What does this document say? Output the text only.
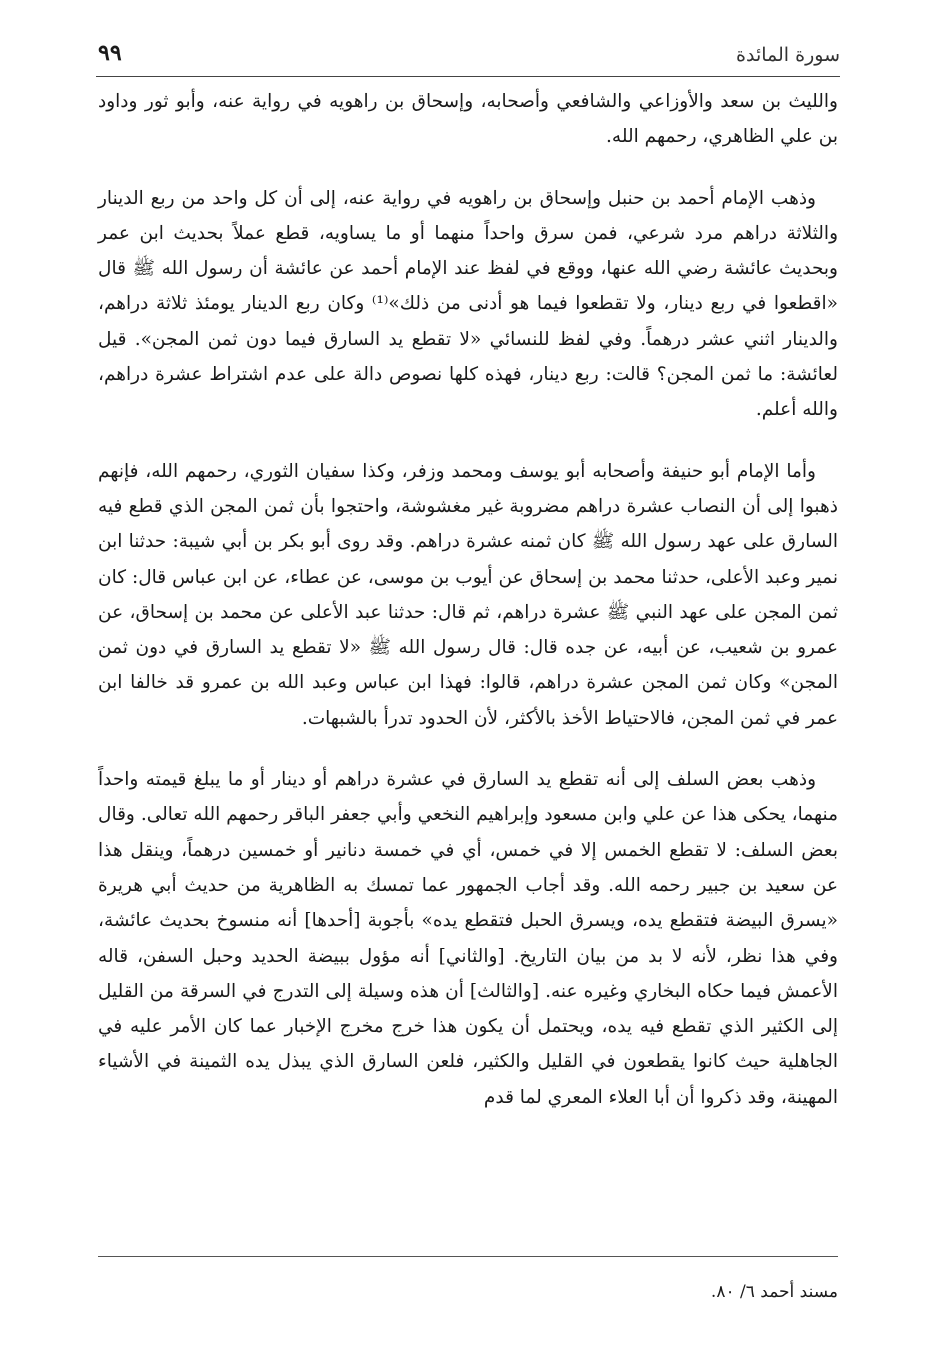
سورة المائدة
٩٩

والليث بن سعد والأوزاعي والشافعي وأصحابه، وإسحاق بن راهويه في رواية عنه، وأبو ثور وداود بن علي الظاهري، رحمهم الله.

وذهب الإمام أحمد بن حنبل وإسحاق بن راهويه في رواية عنه، إلى أن كل واحد من ربع الدينار والثلاثة دراهم مرد شرعي، فمن سرق واحداً منهما أو ما يساويه، قطع عملاً بحديث ابن عمر وبحديث عائشة رضي الله عنها، ووقع في لفظ عند الإمام أحمد عن عائشة أن رسول الله ﷺ قال «اقطعوا في ربع دينار، ولا تقطعوا فيما هو أدنى من ذلك»⁽¹⁾ وكان ربع الدينار يومئذ ثلاثة دراهم، والدينار اثني عشر درهماً. وفي لفظ للنسائي «لا تقطع يد السارق فيما دون ثمن المجن». قيل لعائشة: ما ثمن المجن؟ قالت: ربع دينار، فهذه كلها نصوص دالة على عدم اشتراط عشرة دراهم، والله أعلم.

وأما الإمام أبو حنيفة وأصحابه أبو يوسف ومحمد وزفر، وكذا سفيان الثوري، رحمهم الله، فإنهم ذهبوا إلى أن النصاب عشرة دراهم مضروبة غير مغشوشة، واحتجوا بأن ثمن المجن الذي قطع فيه السارق على عهد رسول الله ﷺ كان ثمنه عشرة دراهم. وقد روى أبو بكر بن أبي شيبة: حدثنا ابن نمير وعبد الأعلى، حدثنا محمد بن إسحاق عن أيوب بن موسى، عن عطاء، عن ابن عباس قال: كان ثمن المجن على عهد النبي ﷺ عشرة دراهم، ثم قال: حدثنا عبد الأعلى عن محمد بن إسحاق، عن عمرو بن شعيب، عن أبيه، عن جده قال: قال رسول الله ﷺ «لا تقطع يد السارق في دون ثمن المجن» وكان ثمن المجن عشرة دراهم، قالوا: فهذا ابن عباس وعبد الله بن عمرو قد خالفا ابن عمر في ثمن المجن، فالاحتياط الأخذ بالأكثر، لأن الحدود تدرأ بالشبهات.

وذهب بعض السلف إلى أنه تقطع يد السارق في عشرة دراهم أو دينار أو ما يبلغ قيمته واحداً منهما، يحكى هذا عن علي وابن مسعود وإبراهيم النخعي وأبي جعفر الباقر رحمهم الله تعالى. وقال بعض السلف: لا تقطع الخمس إلا في خمس، أي في خمسة دنانير أو خمسين درهماً، وينقل هذا عن سعيد بن جبير رحمه الله. وقد أجاب الجمهور عما تمسك به الظاهرية من حديث أبي هريرة «يسرق البيضة فتقطع يده، ويسرق الحبل فتقطع يده» بأجوبة [أحدها] أنه منسوخ بحديث عائشة، وفي هذا نظر، لأنه لا بد من بيان التاريخ. [والثاني] أنه مؤول ببيضة الحديد وحبل السفن، قاله الأعمش فيما حكاه البخاري وغيره عنه. [والثالث] أن هذه وسيلة إلى التدرج في السرقة من القليل إلى الكثير الذي تقطع فيه يده، ويحتمل أن يكون هذا خرج مخرج الإخبار عما كان الأمر عليه في الجاهلية حيث كانوا يقطعون في القليل والكثير، فلعن السارق الذي يبذل يده الثمينة في الأشياء المهينة، وقد ذكروا أن أبا العلاء المعري لما قدم

مسند أحمد ٦/ ٨٠.
